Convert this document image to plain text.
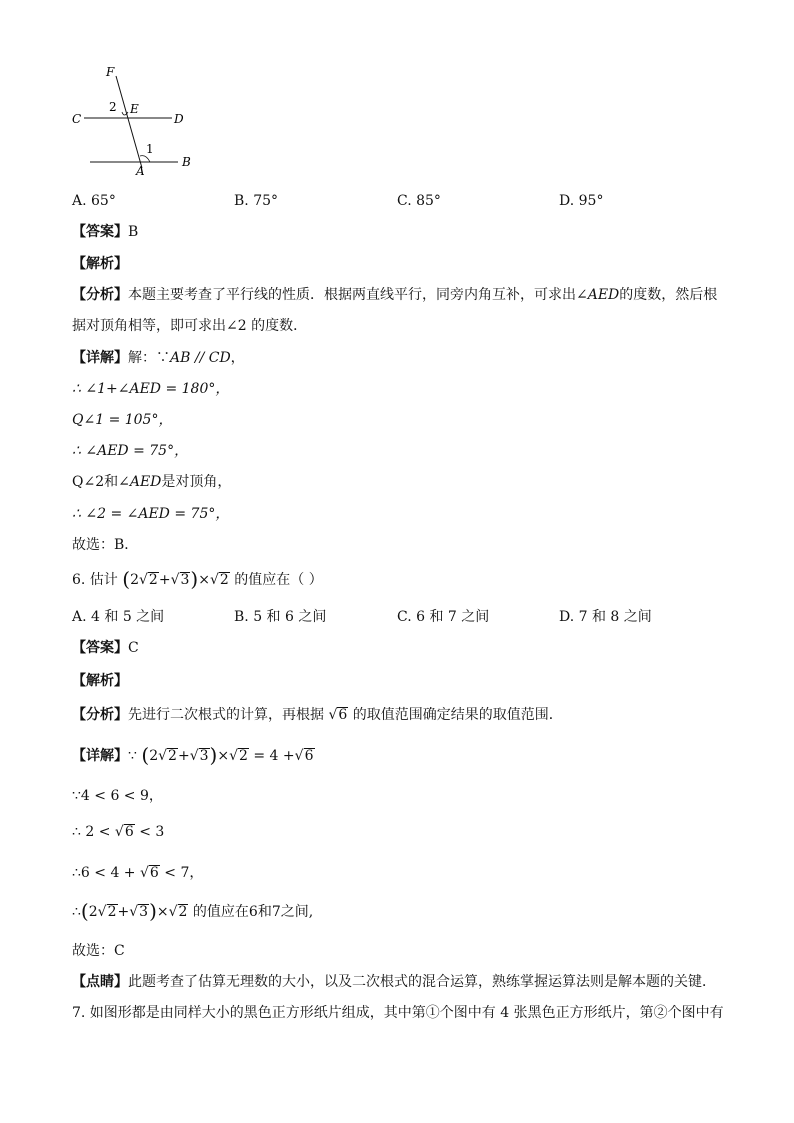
F
C	D
E
2
1
A
B
A. 65°	B. 75°	C. 85°	D. 95°
【答案】B
【解析】
【分析】本题主要考查了平行线的性质．根据两直线平行，同旁内角互补，可求出∠AED的度数，然后根
据对顶角相等，即可求出∠2 的度数．
【详解】解：∵AB // CD，
∴ ∠1+∠AED = 180°，
Q∠1 = 105°，
∴ ∠AED = 75°，
Q∠2和∠AED是对顶角，
∴ ∠2 = ∠AED = 75°，
故选：B．
6. 估计 (2√2+√3)×√2 的值应在（ ）
A. 4 和 5 之间	B. 5 和 6 之间	C. 6 和 7 之间	D. 7 和 8 之间
【答案】C
【解析】
【分析】先进行二次根式的计算，再根据 √6 的取值范围确定结果的取值范围．
【详解】∵ (2√2+√3)×√2 = 4 +√6
∵4 < 6 < 9，
∴ 2 < √6 < 3
∴6 < 4 + √6 < 7，
∴(2√2+√3)×√2 的值应在6和7之间,
故选：C
【点睛】此题考查了估算无理数的大小，以及二次根式的混合运算，熟练掌握运算法则是解本题的关键．
7. 如图形都是由同样大小的黑色正方形纸片组成，其中第①个图中有 4 张黑色正方形纸片，第②个图中有
